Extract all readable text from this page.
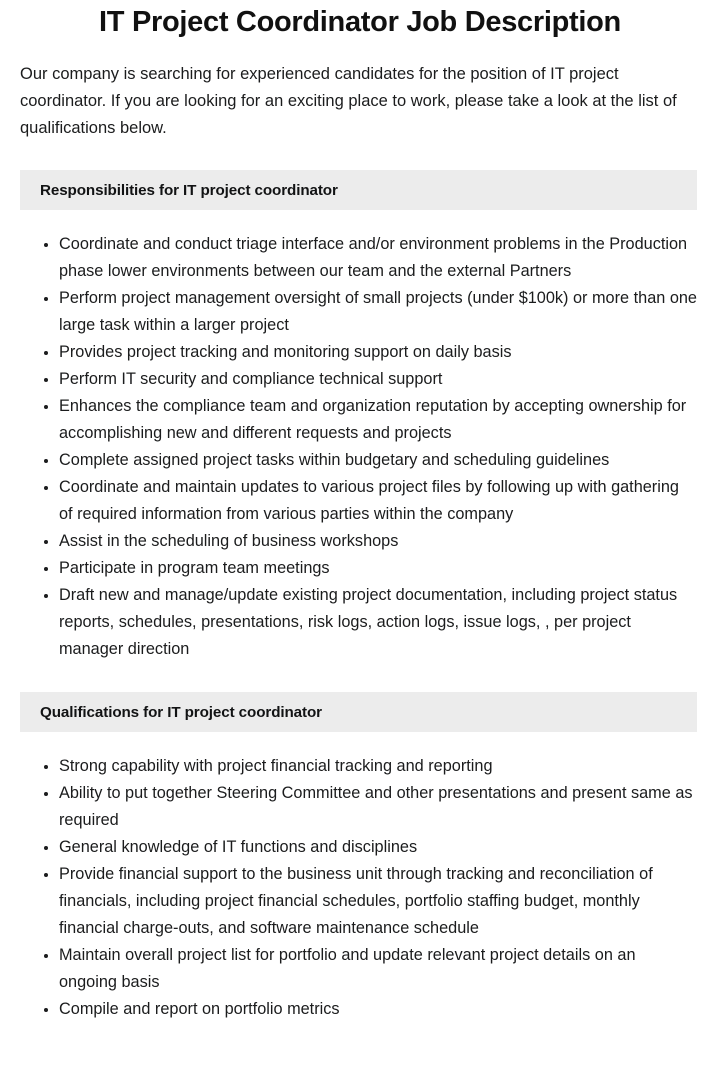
IT Project Coordinator Job Description

Our company is searching for experienced candidates for the position of IT project coordinator. If you are looking for an exciting place to work, please take a look at the list of qualifications below.

Responsibilities for IT project coordinator
Coordinate and conduct triage interface and/or environment problems in the Production phase lower environments between our team and the external Partners
Perform project management oversight of small projects (under $100k) or more than one large task within a larger project
Provides project tracking and monitoring support on daily basis
Perform IT security and compliance technical support
Enhances the compliance team and organization reputation by accepting ownership for accomplishing new and different requests and projects
Complete assigned project tasks within budgetary and scheduling guidelines
Coordinate and maintain updates to various project files by following up with gathering of required information from various parties within the company
Assist in the scheduling of business workshops
Participate in program team meetings
Draft new and manage/update existing project documentation, including project status reports, schedules, presentations, risk logs, action logs, issue logs, , per project manager direction
Qualifications for IT project coordinator
Strong capability with project financial tracking and reporting
Ability to put together Steering Committee and other presentations and present same as required
General knowledge of IT functions and disciplines
Provide financial support to the business unit through tracking and reconciliation of financials, including project financial schedules, portfolio staffing budget, monthly financial charge-outs, and software maintenance schedule
Maintain overall project list for portfolio and update relevant project details on an ongoing basis
Compile and report on portfolio metrics
